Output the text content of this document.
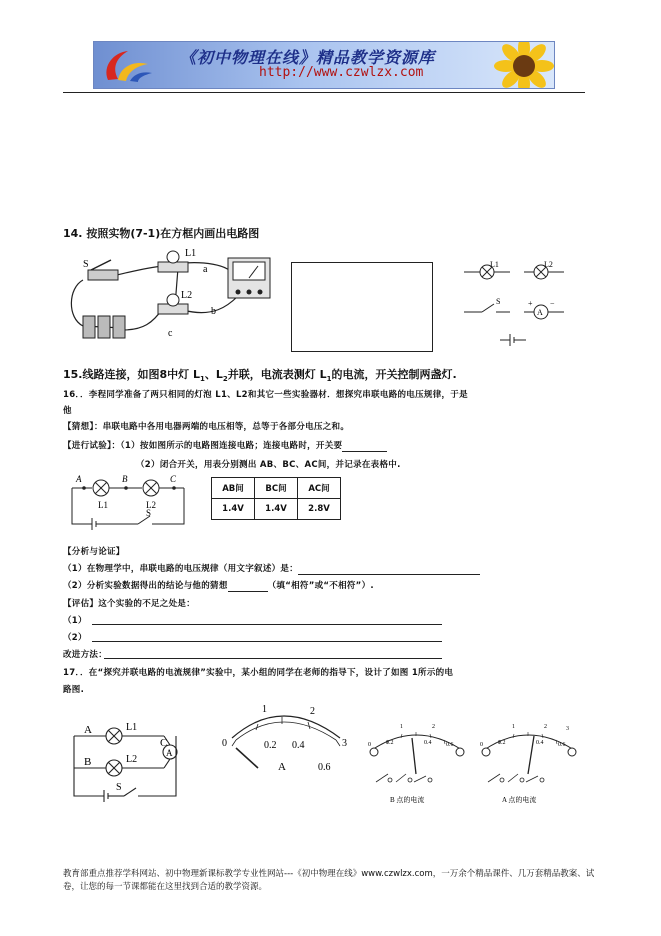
《初中物理在线》精品教学资源库
http://www.czwlzx.com
14. 按照实物(7-1)在方框内画出电路图
S
L1
L2
a
b
c
L1	L2
S
A
+ −
15.线路连接，如图8中灯 $L_1$、$L_2$并联，电流表测灯 $L_1$的电流，开关控制两盏灯.
16．．李程同学准备了两只相同的灯泡 L1、L2和其它一些实验器材．想探究串联电路的电压规律，于是
他
【猜想】：串联电路中各用电器两端的电压相等，总等于各部分电压之和。
【进行试验】：（1）按如图所示的电路图连接电路；连接电路时，开关要
（2）闭合开关，用表分别测出 AB、BC、AC间，并记录在表格中.
A	B	C
L1	L2
S
AB间	BC间	AC间
1.4V	1.4V	2.8V
【分析与论证】
（1）在物理学中，串联电路的电压规律（用文字叙述）是：
（2）分析实验数据得出的结论与他的猜想	（填“相符”或“不相符”）.
【评估】这个实验的不足之处是：
（1）
（2）
改进方法：
17．．在“探究并联电路的电流规律”实验中，某小组的同学在老师的指导下，设计了如图 1所示的电
路图.
A
B
C
L1
L2
S
A
1	2
0	3
0.2 0.4
0.6
A
0	0.2	0.4 0.6
1	2
B 点的电流
0	0.2	0.4 0.6
1	2	3
A 点的电流
教育部重点推荐学科网站、初中物理新课标教学专业性网站---《初中物理在线》www.czwlzx.com，一万余个精品课件、几万套精品教案、试卷，让您的每一节课都能在这里找到合适的教学资源。
